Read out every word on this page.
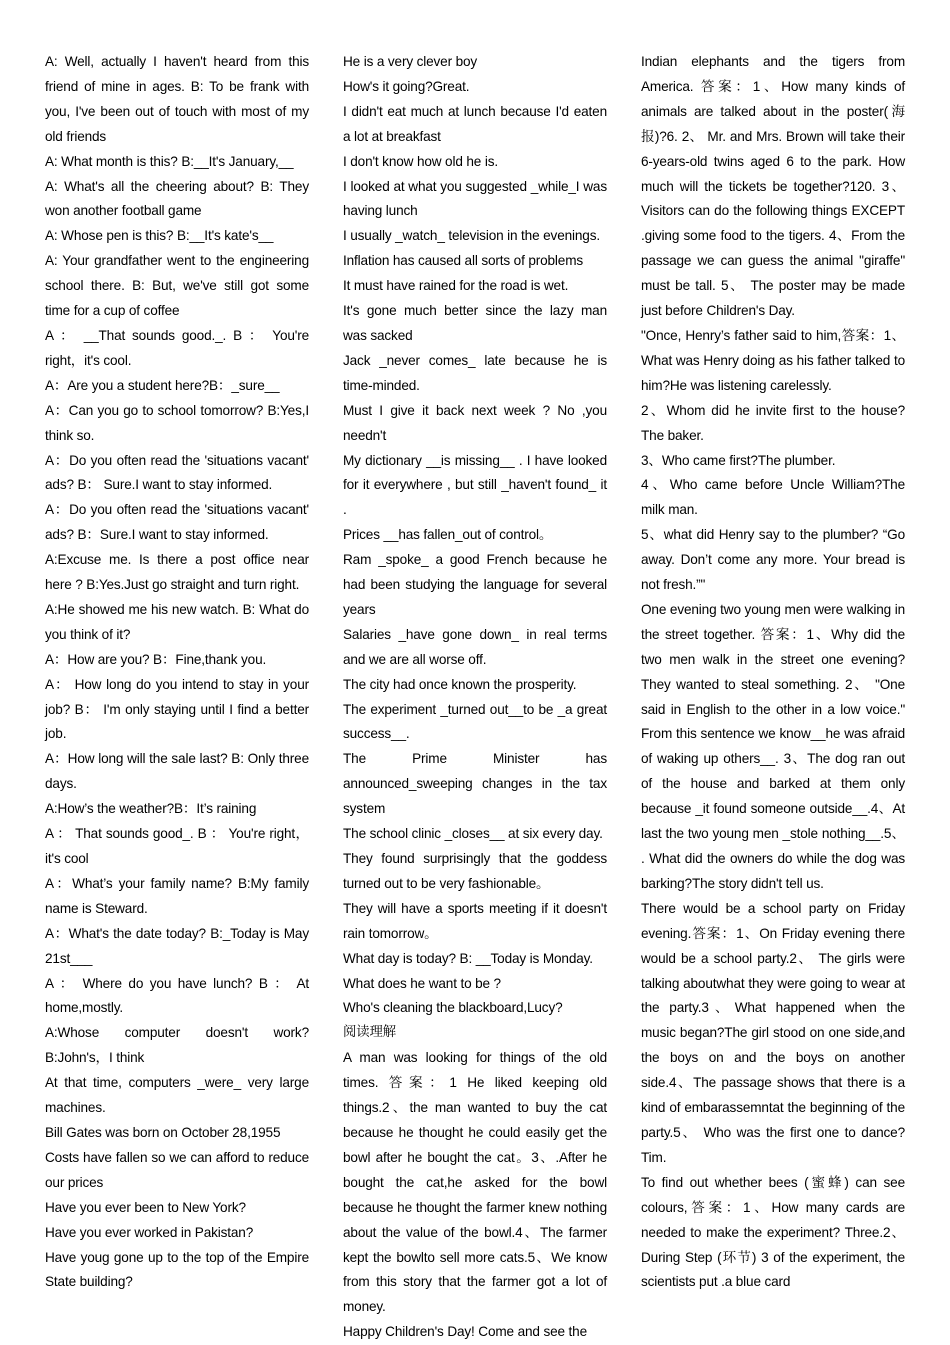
A: Well, actually I haven't heard from this friend of mine in ages. B: To be frank with you, I've been out of touch with most of my old friends

A: What month is this? B:__It's January,__

A: What's all the cheering about? B: They won another football game

A: Whose pen is this? B:__It's kate's__

A: Your grandfather went to the engineering school there. B: But, we've still got some time for a cup of coffee

A ： __That sounds good._. B ： You're right，it's cool.

A：Are you a student here?B：_sure__

A：Can you go to school tomorrow? B:Yes,I think so.

A：Do you often read the 'situations vacant' ads? B： Sure.I want to stay informed.

A：Do you often read the 'situations vacant' ads? B：Sure.I want to stay informed.

A:Excuse me. Is there a post office near here ? B:Yes.Just go straight and turn right.

A:He showed me his new watch. B: What do you think of it?

A：How are you? B：Fine,thank you.

A： How long do you intend to stay in your job? B： I'm only staying until I find a better job.

A：How long will the sale last? B: Only three days.

A:How’s the weather?B：It’s raining

A ： That sounds good_. B ： You're right，it's cool

A：What’s your family name? B:My family name is Steward.

A：What's the date today? B:_Today is May 21st___

A ： Where do you have lunch? B ： At home,mostly.

A:Whose computer doesn't work? B:John's，I think

At that time, computers _were_ very large machines.

Bill Gates was born on October 28,1955

Costs have fallen so we can afford to reduce our prices

Have you ever been to New York?

Have you ever worked in Pakistan?

Have youg gone up to the top of the Empire State building?

He is a very clever boy

How's it going?Great.

I didn't eat much at lunch because I'd eaten a lot at breakfast

I don't know how old he is.

I looked at what you suggested _while_I was having lunch

I usually _watch_ television in the evenings.

Inflation has caused all sorts of problems

It must have rained for the road is wet.

It's gone much better since the lazy man was sacked

Jack _never comes_ late because he is time-minded.

Must I give it back next week ? No ,you needn't

My dictionary __is missing__ . I have looked for it everywhere , but still _haven't found_ it .

Prices __has fallen_out of control。

Ram _spoke_ a good French because he had been studying the language for several years

Salaries _have gone down_ in real terms and we are all worse off.

The city had once known the prosperity.

The experiment _turned out__to be _a great success__.

The Prime Minister has announced_sweeping changes in the tax system

The school clinic _closes__ at six every day.

They found surprisingly that the goddess turned out to be very fashionable。

They will have a sports meeting if it doesn't rain tomorrow。

What day is today? B: __Today is Monday.

What does he want to be ?

Who's cleaning the blackboard,Lucy?

阅读理解

A man was looking for things of the old times. 答案：1 He liked keeping old things.2、the man wanted to buy the cat because he thought he could easily get the bowl after he bought the cat。3、.After he bought the cat,he asked for the bowl because he thought the farmer knew nothing about the value of the bowl.4、The farmer kept the bowlto sell more cats.5、We know from this story that the farmer got a lot of money.

Happy Children's Day! Come and see the

Indian elephants and the tigers from America. 答案：1、How many kinds of animals are talked about in the poster(海报)?6. 2、 Mr. and Mrs. Brown will take their 6-years-old twins aged 6 to the park. How much will the tickets be together?120. 3、Visitors can do the following things EXCEPT .giving some food to the tigers. 4、From the passage we can guess the animal "giraffe" must be tall. 5、 The poster may be made just before Children's Day.

"Once, Henry’s father said to him,答案：1、What was Henry doing as his father talked to him?He was listening carelessly.

2、Whom did he invite first to the house? The baker.

3、Who came first?The plumber.

4、Who came before Uncle William?The milk man.

5、what did Henry say to the plumber? “Go away. Don’t come any more. Your bread is not fresh.”"

One evening two young men were walking in the street together. 答案：1、Why did the two men walk in the street one evening?They wanted to steal something. 2、 "One said in English to the other in a low voice." From this sentence we know__he was afraid of waking up others__. 3、The dog ran out of the house and barked at them only because _it found someone outside__.4、At last the two young men _stole nothing__.5、 . What did the owners do while the dog was barking?The story didn't tell us.

There would be a school party on Friday evening.答案：1、On Friday evening there would be a school party.2、 The girls were talking aboutwhat they were going to wear at the party.3、What happened when the music began?The girl stood on one side,and the boys on and the boys on another side.4、The passage shows that there is a kind of embarassemntat the beginning of the party.5、 Who was the first one to dance? Tim.

To find out whether bees (蜜蜂) can see colours,答案：1、How many cards are needed to make the experiment? Three.2、During Step (环节) 3 of the experiment, the scientists put .a blue card
